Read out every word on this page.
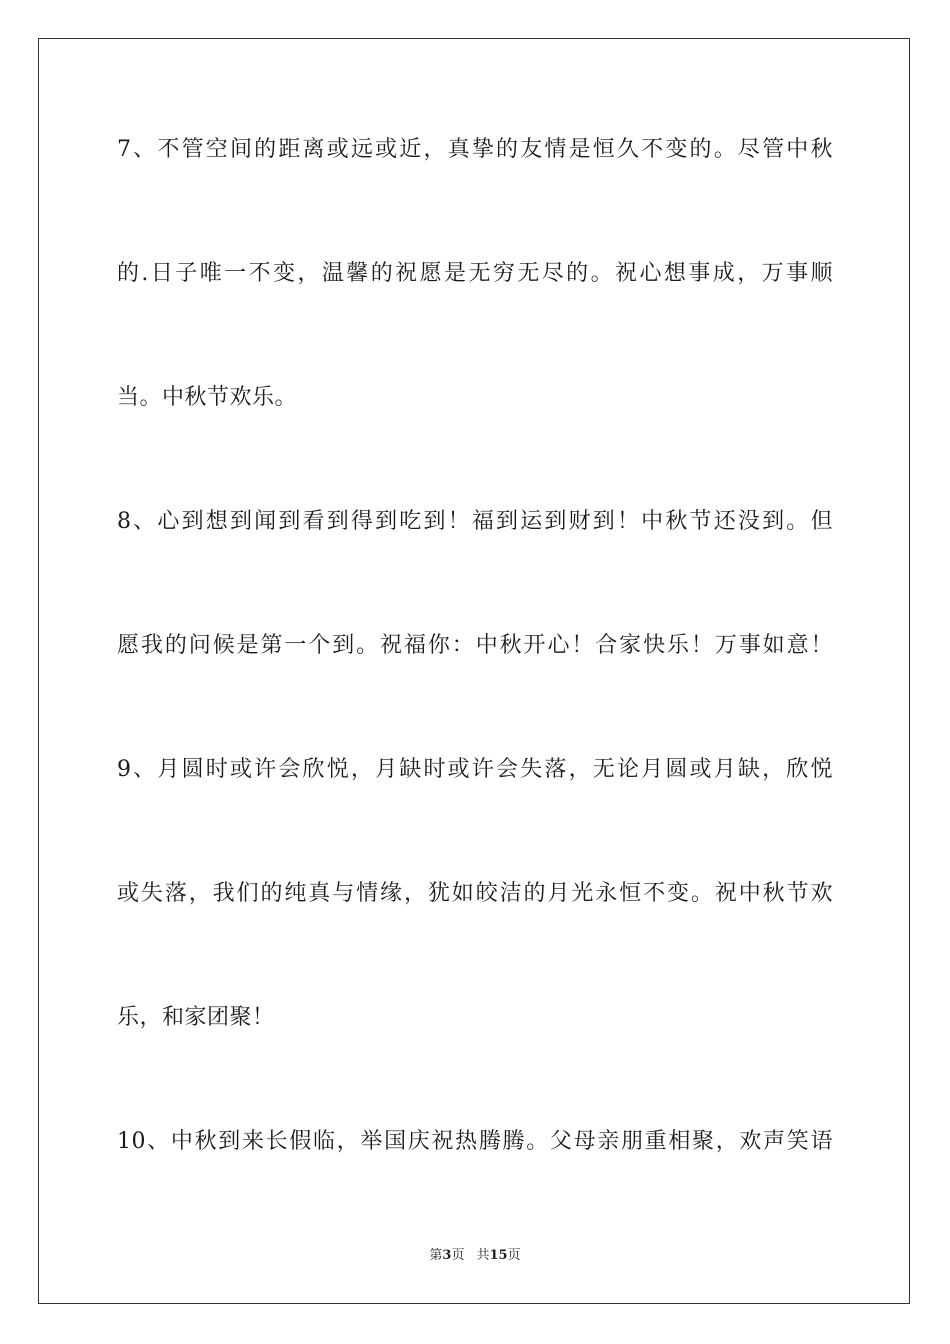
7、不管空间的距离或远或近，真挚的友情是恒久不变的。尽管中秋
的.日子唯一不变，温馨的祝愿是无穷无尽的。祝心想事成，万事顺
当。中秋节欢乐。
8、心到想到闻到看到得到吃到！福到运到财到！中秋节还没到。但
愿我的问候是第一个到。祝福你：中秋开心！合家快乐！万事如意！
9、月圆时或许会欣悦，月缺时或许会失落，无论月圆或月缺，欣悦
或失落，我们的纯真与情缘，犹如皎洁的月光永恒不变。祝中秋节欢
乐，和家团聚！
10、中秋到来长假临，举国庆祝热腾腾。父母亲朋重相聚，欢声笑语
第3页 共15页
